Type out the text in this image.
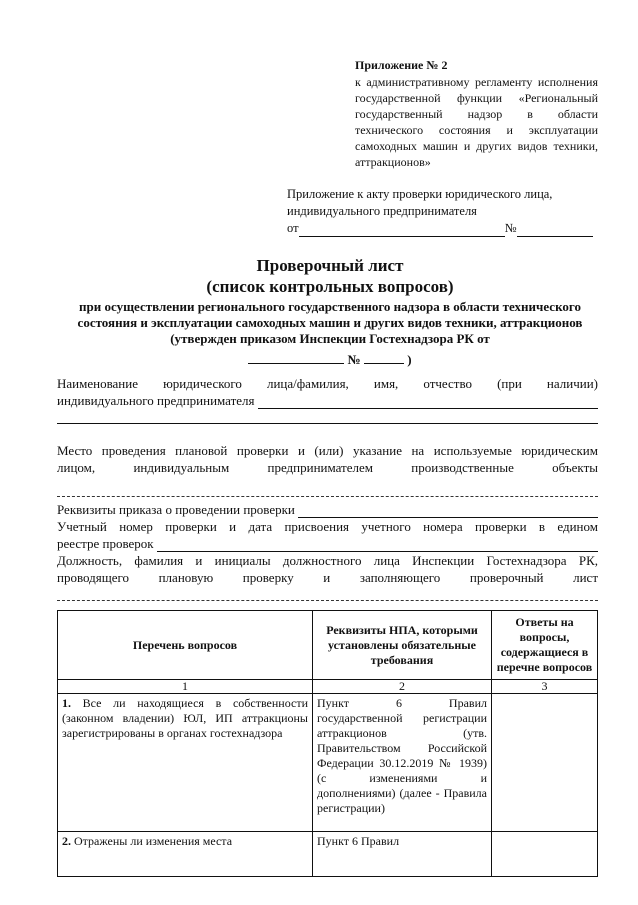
Приложение № 2
к административному регламенту исполнения государственной функции «Региональный государственный надзор в области технического состояния и эксплуатации самоходных машин и других видов техники, аттракционов»
Приложение к акту проверки юридического лица,
индивидуального предпринимателя
от	№
Проверочный лист
(список контрольных вопросов)
при осуществлении регионального государственного надзора в области технического состояния и эксплуатации самоходных машин и других видов техники, аттракционов (утвержден приказом Инспекции Гостехнадзора РК от
№	)
Наименование юридического лица/фамилия, имя, отчество (при наличии)
индивидуального предпринимателя
Место проведения плановой проверки и (или) указание на используемые юридическим
лицом, индивидуальным предпринимателем производственные объекты
Реквизиты приказа о проведении проверки
Учетный номер проверки и дата присвоения учетного номера проверки в едином
реестре проверок
Должность, фамилия и инициалы должностного лица Инспекции Гостехнадзора РК,
проводящего плановую проверку и заполняющего проверочный лист
Перечень вопросов	Реквизиты НПА, которыми установлены обязательные требования	Ответы на вопросы, содержащиеся в перечне вопросов
1	2	3
1. Все ли находящиеся в собственности (законном владении) ЮЛ, ИП аттракционы зарегистрированы в органах гостехнадзора	Пункт 6 Правил государственной регистрации аттракционов (утв. Правительством Российской Федерации 30.12.2019 № 1939) (с изменениями и дополнениями) (далее - Правила регистрации)	
2. Отражены ли изменения места	Пункт 6 Правил	
